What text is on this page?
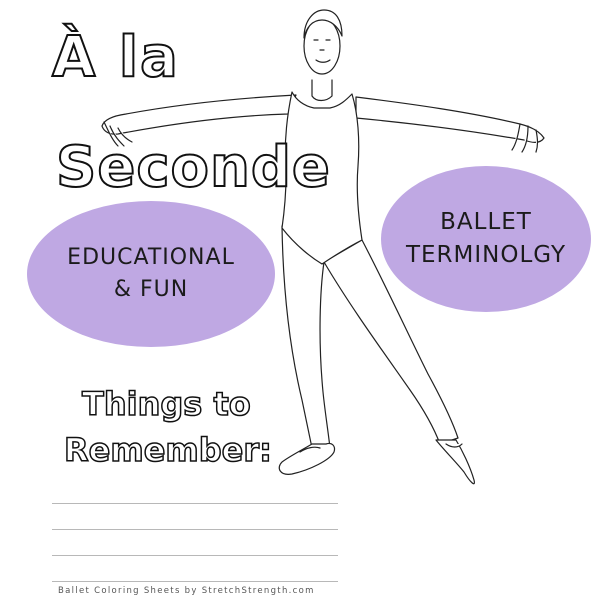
À la
Seconde
EDUCATIONAL
& FUN
BALLET
TERMINOLGY
Things to
Remember:
Ballet Coloring Sheets by StretchStrength.com
